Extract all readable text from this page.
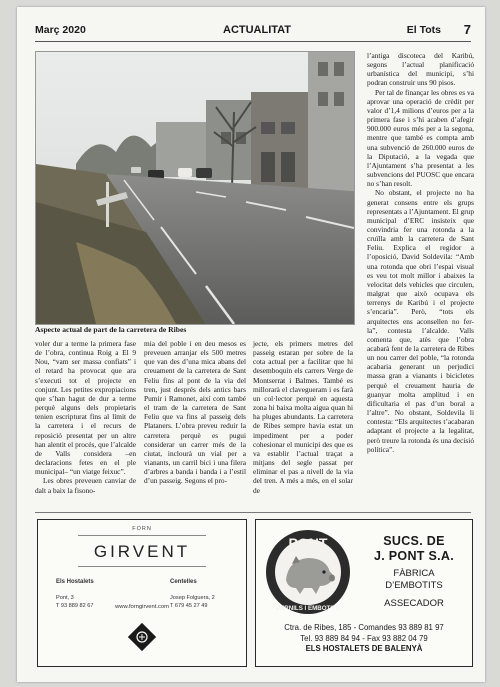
Març 2020	ACTUALITAT	El Tots 7
Aspecte actual de part de la carretera de Ribes

l’antiga discoteca del Karibú, segons l’actual planificació urbanística del municipi, s’hi podran construir uns 90 pisos.

Per tal de finançar les obres es va aprovar una operació de crèdit per valor d’1,4 milions d’euros per a la primera fase i s’hi acaben d’afegir 900.000 euros més per a la segona, mentre que també es compta amb una subvenció de 260.000 euros de la Diputació, a la vegada que l’Ajuntament s’ha presentat a les subvencions del PUOSC que encara no s’han resolt.

No obstant, el projecte no ha generat consens entre els grups representats a l’Ajuntament. El grup municipal d’ERC insisteix que convindria fer una rotonda a la cruïlla amb la carretera de Sant Feliu. Explica el regidor a l’oposició, David Soldevila: “Amb una rotonda que obri l’espai visual es veu tot molt millor i abaixes la velocitat dels vehicles que circulen, malgrat que això ocupava els terrenys de Karibú i el projecte s’encaria”. Però, “tots els arquitectes ens aconsellen no fer-la”, contesta l’alcalde. Valls comenta que, atès que l’obra acabarà fent de la carretera de Ribes un nou carrer del poble, “la rotonda acabaria generant un perjudici massa gran a vianants i bicicletes perquè el creuament hauria de guanyar molta amplitud i en dificultaria el pas d’un boral a l’altre”. No obstant, Soldevila li contesta: “Els arquitectes t’acabaran adaptant el projecte a la legalitat, però treure la rotonda és una decisió política”.

voler dur a terme la primera fase de l’obra, continua Roig a El 9 Nou, “vam ser massa confiats” i el retard ha provocat que ara s’executi tot el projecte en conjunt. Les petites expropiacions que s’han hagut de dur a terme perquè alguns dels propietaris tenien escripturat fins al límit de la carretera i el recurs de reposició presentat per un altre han alentit el procés, que l’alcalde de Valls considera –en declaracions fetes en el ple municipal– “un viatge feixuc”.

Les obres preveuen canviar de dalt a baix la fisono-

mia del poble i en deu mesos es preveuen arranjar els 500 metres que van des d’una mica abans del creuament de la carretera de Sant Feliu fins al pont de la via del tren, just després dels antics bars Pumir i Ramonet, així com també el tram de la carretera de Sant Feliu que va fins al passeig dels Plataners. L’obra preveu reduir la carretera perquè es pugui considerar un carrer més de la ciutat, inclourà un vial per a vianants, un carril bici i una filera d’arbres a banda i banda i a l’estil d’un passeig. Segons el pro-

jecte, els primers metres del passeig estaran per sobre de la cota actual per a facilitar que hi desemboquin els carrers Verge de Montserrat i Balmes. També es millorarà el clavegueram i es farà un col·lector perquè en aquesta zona hi baixa molta aigua quan hi ha pluges abundants. La carretera de Ribes sempre havia estat un impediment per a poder cohesionar el municipi des que es va establir l’actual traçat a mitjans del segle passat per eliminar el pas a nivell de la via del tren. A més a més, en el solar de

FORN
GIRVENT
Els Hostalets

Pont, 3
T 93 889 82 67
Centelles

Josep Folguera, 2
T 679 45 27 49
www.forngirvent.com
PONT
PERNILS I EMBOTITS
SUCS. DE
J. PONT S.A.
FÀBRICA
D’EMBOTITS
ASSECADOR
Ctra. de Ribes, 185 - Comandes 93 889 81 97
Tel. 93 889 84 94 - Fax 93 882 04 79
ELS HOSTALETS DE BALENYÀ
